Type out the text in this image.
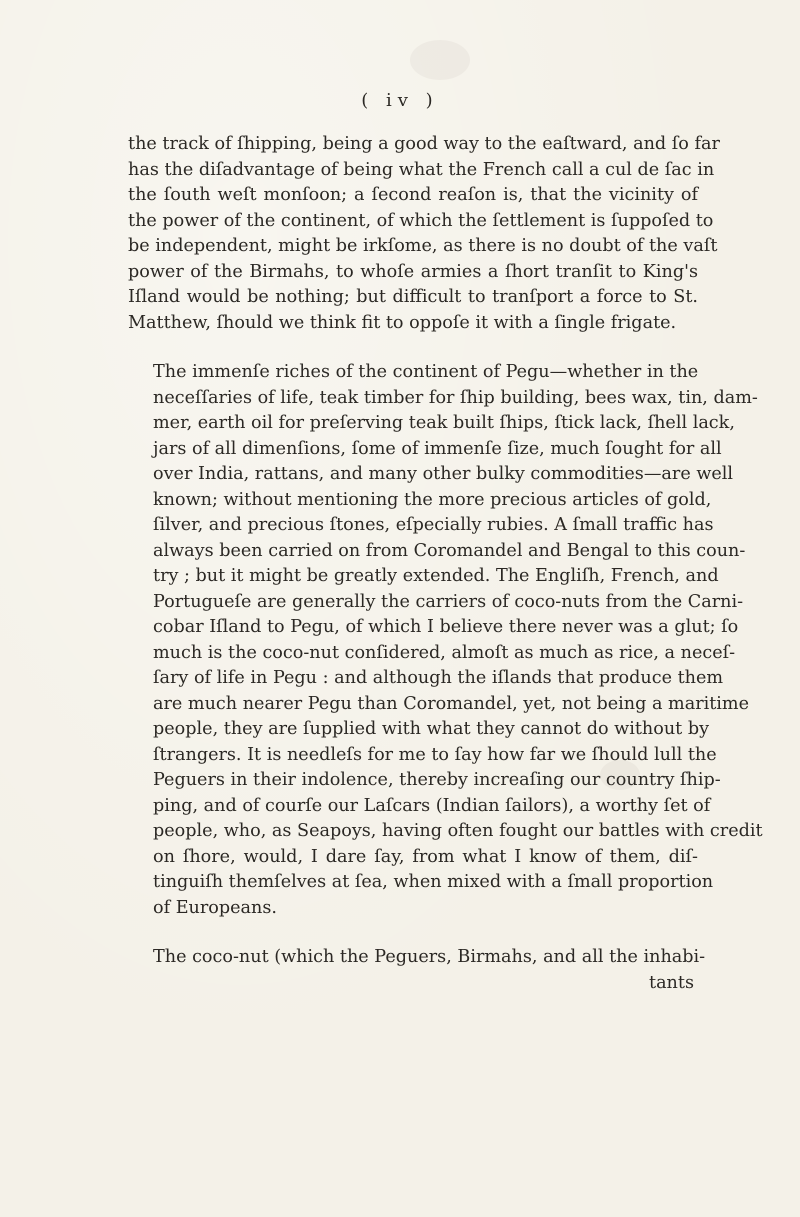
( iv )

the track of ſhipping, being a good way to the eaſtward, and ſo far
has the diſadvantage of being what the French call a cul de ſac in
the ſouth weſt monſoon; a ſecond reaſon is, that the vicinity of
the power of the continent, of which the ſettlement is ſuppoſed to
be independent, might be irkſome, as there is no doubt of the vaſt
power of the Birmahs, to whoſe armies a ſhort tranſit to King's
Iſland would be nothing; but difficult to tranſport a force to St.
Matthew, ſhould we think fit to oppoſe it with a ſingle frigate.

The immenſe riches of the continent of Pegu—whether in the
neceſſaries of life, teak timber for ſhip building, bees wax, tin, dam-
mer, earth oil for preſerving teak built ſhips, ſtick lack, ſhell lack,
jars of all dimenſions, ſome of immenſe ſize, much ſought for all
over India, rattans, and many other bulky commodities—are well
known; without mentioning the more precious articles of gold,
ſilver, and precious ſtones, eſpecially rubies. A ſmall traffic has
always been carried on from Coromandel and Bengal to this coun-
try ; but it might be greatly extended. The Engliſh, French, and
Portugueſe are generally the carriers of coco-nuts from the Carni-
cobar Iſland to Pegu, of which I believe there never was a glut; ſo
much is the coco-nut conſidered, almoſt as much as rice, a neceſ-
ſary of life in Pegu : and although the iſlands that produce them
are much nearer Pegu than Coromandel, yet, not being a maritime
people, they are ſupplied with what they cannot do without by
ſtrangers. It is needleſs for me to ſay how far we ſhould lull the
Peguers in their indolence, thereby increaſing our country ſhip-
ping, and of courſe our Laſcars (Indian ſailors), a worthy ſet of
people, who, as Seapoys, having often fought our battles with credit
on ſhore, would, I dare ſay, from what I know of them, diſ-
tinguiſh themſelves at ſea, when mixed with a ſmall proportion
of Europeans.

The coco-nut (which the Peguers, Birmahs, and all the inhabi-
tants
